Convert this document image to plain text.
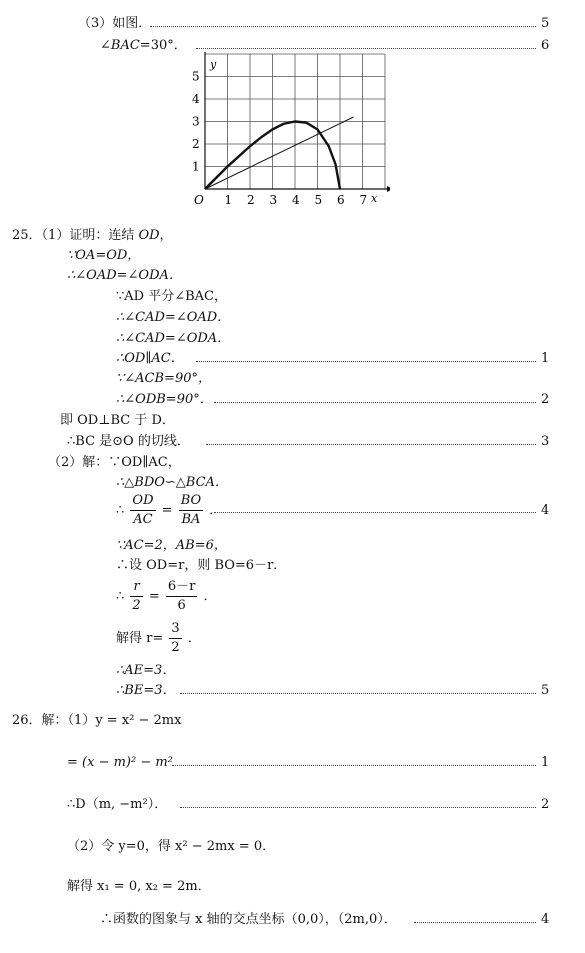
（3）如图．	5
∠BAC=30°．	6
1 2 3 4 5 6 7
1
2
3
4
5
y
x
O
25．（1）证明：连结 OD，
∵OA=OD，
∴∠OAD=∠ODA．
∵AD 平分∠BAC，
∴∠CAD=∠OAD．
∴∠CAD=∠ODA．
∴OD∥AC．	1
∵∠ACB=90°，
∴∠ODB=90°．	2
即 OD⊥BC 于 D．
∴BC 是⊙O 的切线．	3
（2）解：∵OD∥AC，
∴△BDO∽△BCA．
∴ $\frac{OD}{AC} = \frac{BO}{BA}$ ．	4
∵AC=2，AB=6，
∴设 OD=r，则 BO=6－r．
∴ $\frac{r}{2} = \frac{6-r}{6}$ ．
解得 $r= \frac{3}{2}$ ．
∴AE=3．
∴BE=3．	5
26．解：（1）y = x² − 2mx
= (x − m)² − m²	1
∴D（m, −m²）．	2
（2）令 y=0，得 x² − 2mx = 0．
解得 x₁ = 0, x₂ = 2m．
∴函数的图象与 x 轴的交点坐标（0,0），（2m,0）．	4
